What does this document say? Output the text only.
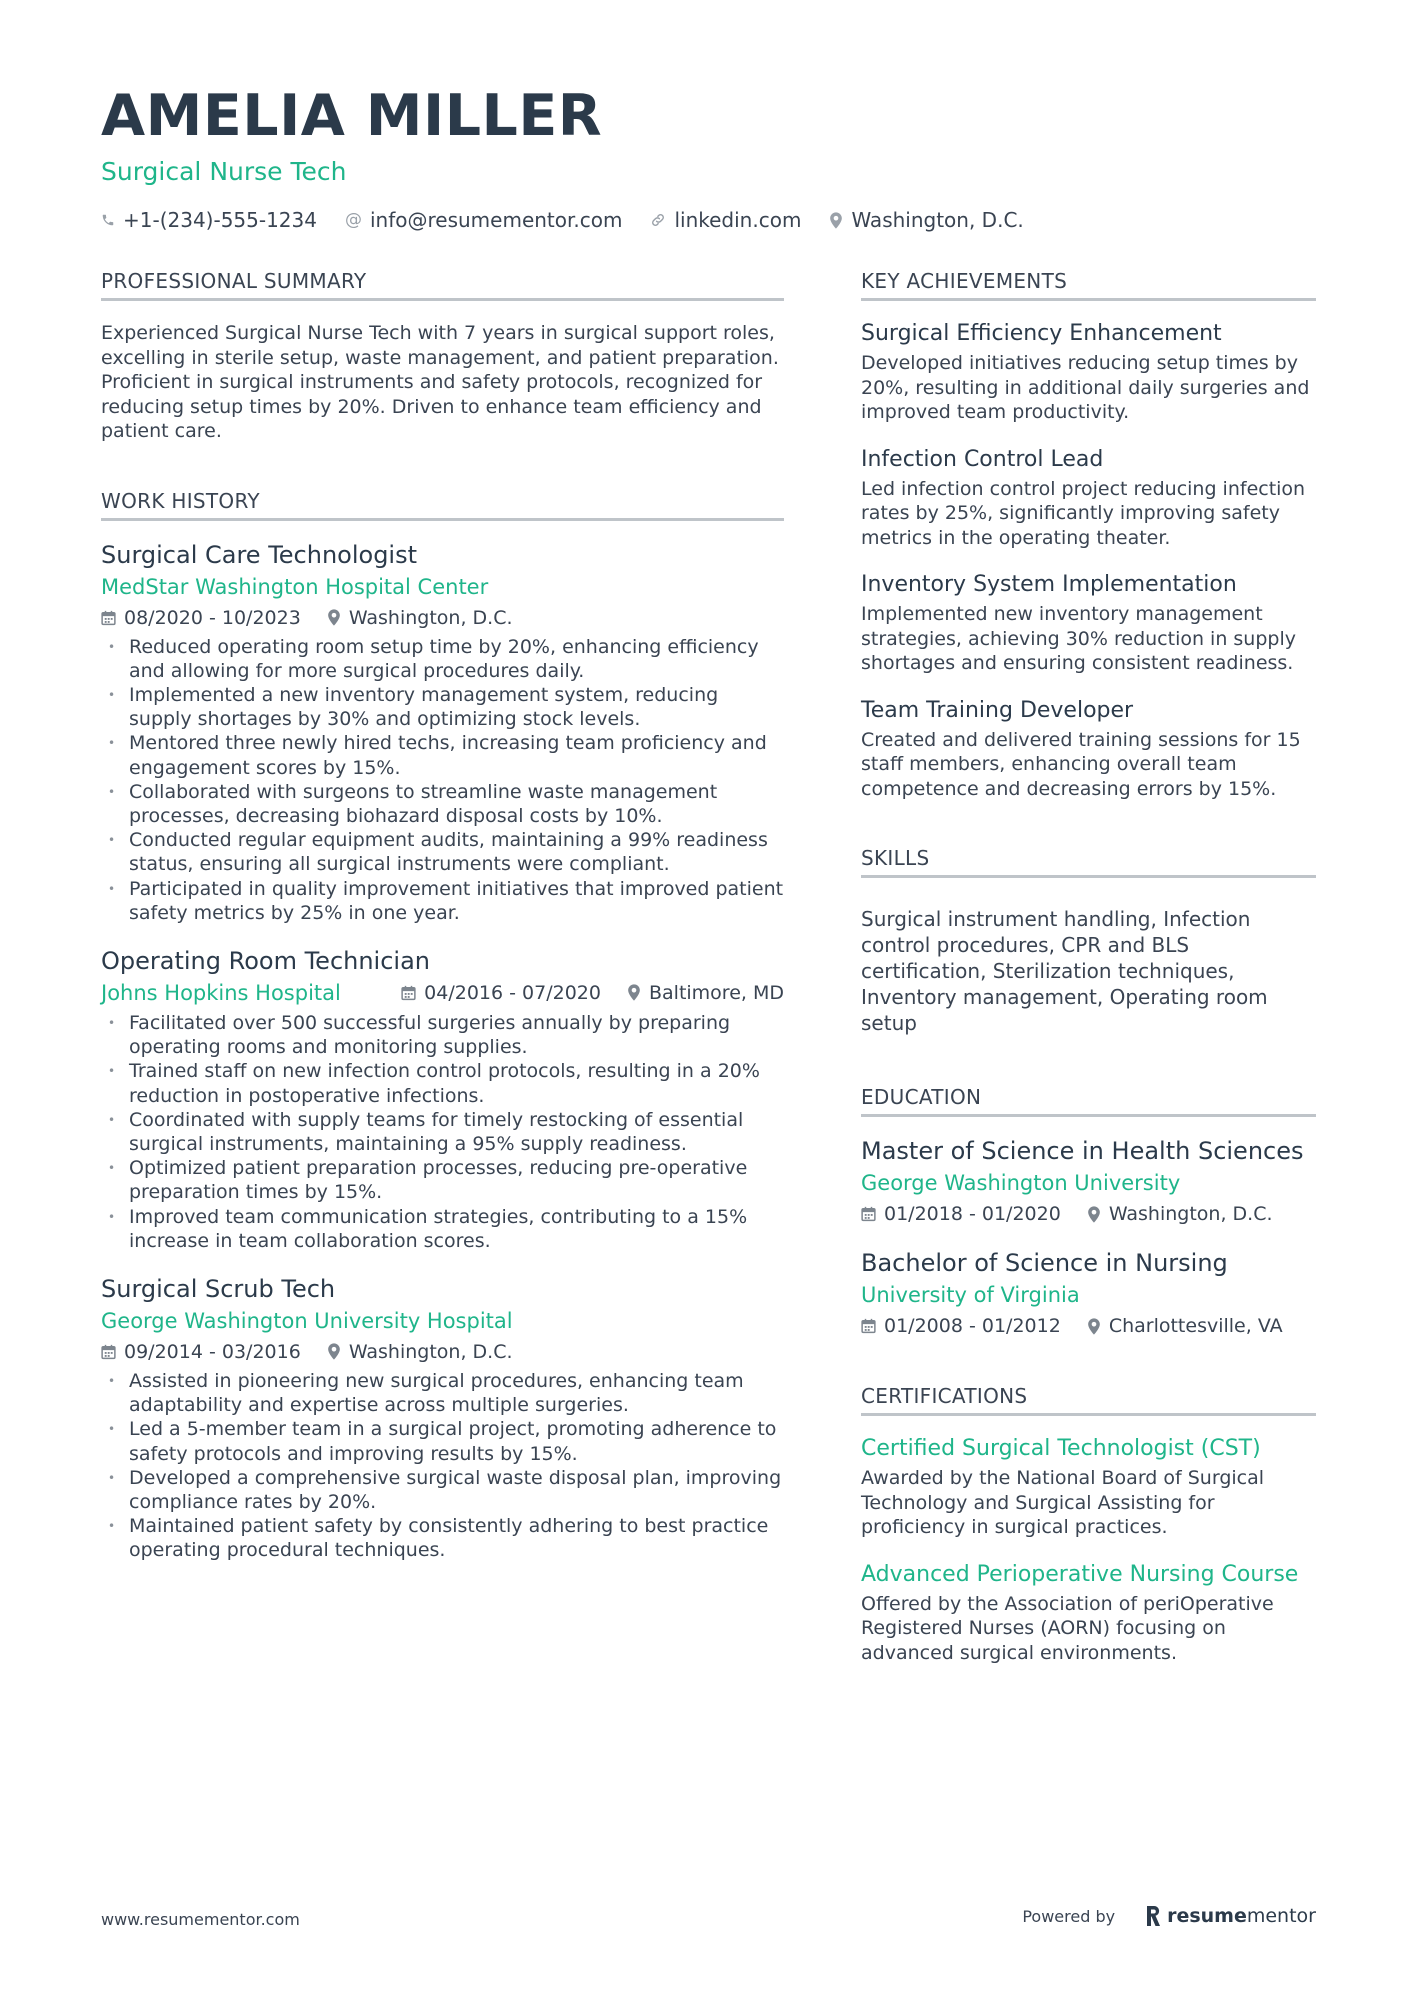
AMELIA MILLER
Surgical Nurse Tech
+1-(234)-555-1234 @ info@resumementor.com	linkedin.com	Washington, D.C.
PROFESSIONAL SUMMARY
Experienced Surgical Nurse Tech with 7 years in surgical support roles, excelling in sterile setup, waste management, and patient preparation. Proficient in surgical instruments and safety protocols, recognized for reducing setup times by 20%. Driven to enhance team efficiency and patient care.
WORK HISTORY
Surgical Care Technologist
MedStar Washington Hospital Center
08/2020 - 10/2023	Washington, D.C.
• Reduced operating room setup time by 20%, enhancing efficiency and allowing for more surgical procedures daily.
• Implemented a new inventory management system, reducing supply shortages by 30% and optimizing stock levels.
• Mentored three newly hired techs, increasing team proficiency and engagement scores by 15%.
• Collaborated with surgeons to streamline waste management processes, decreasing biohazard disposal costs by 10%.
• Conducted regular equipment audits, maintaining a 99% readiness status, ensuring all surgical instruments were compliant.
• Participated in quality improvement initiatives that improved patient safety metrics by 25% in one year.
Operating Room Technician
Johns Hopkins Hospital	04/2016 - 07/2020	Baltimore, MD
• Facilitated over 500 successful surgeries annually by preparing operating rooms and monitoring supplies.
• Trained staff on new infection control protocols, resulting in a 20% reduction in postoperative infections.
• Coordinated with supply teams for timely restocking of essential surgical instruments, maintaining a 95% supply readiness.
• Optimized patient preparation processes, reducing pre-operative preparation times by 15%.
• Improved team communication strategies, contributing to a 15% increase in team collaboration scores.
Surgical Scrub Tech
George Washington University Hospital
09/2014 - 03/2016	Washington, D.C.
• Assisted in pioneering new surgical procedures, enhancing team adaptability and expertise across multiple surgeries.
• Led a 5-member team in a surgical project, promoting adherence to safety protocols and improving results by 15%.
• Developed a comprehensive surgical waste disposal plan, improving compliance rates by 20%.
• Maintained patient safety by consistently adhering to best practice operating procedural techniques.
KEY ACHIEVEMENTS
Surgical Efficiency Enhancement
Developed initiatives reducing setup times by 20%, resulting in additional daily surgeries and improved team productivity.
Infection Control Lead
Led infection control project reducing infection rates by 25%, significantly improving safety metrics in the operating theater.
Inventory System Implementation
Implemented new inventory management strategies, achieving 30% reduction in supply shortages and ensuring consistent readiness.
Team Training Developer
Created and delivered training sessions for 15 staff members, enhancing overall team competence and decreasing errors by 15%.
SKILLS
Surgical instrument handling, Infection control procedures, CPR and BLS certification, Sterilization techniques, Inventory management, Operating room setup
EDUCATION
Master of Science in Health Sciences
George Washington University
01/2018 - 01/2020	Washington, D.C.
Bachelor of Science in Nursing
University of Virginia
01/2008 - 01/2012	Charlottesville, VA
CERTIFICATIONS
Certified Surgical Technologist (CST)
Awarded by the National Board of Surgical Technology and Surgical Assisting for proficiency in surgical practices.
Advanced Perioperative Nursing Course
Offered by the Association of periOperative Registered Nurses (AORN) focusing on advanced surgical environments.
www.resumementor.com	Powered by	resume mentor
